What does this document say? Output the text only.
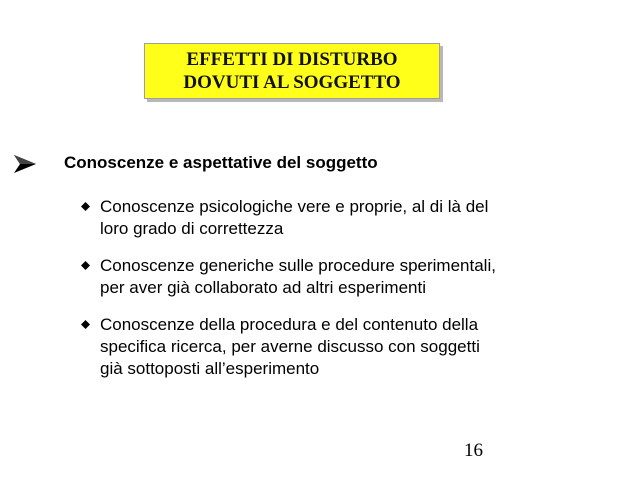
EFFETTI DI DISTURBO
DOVUTI AL SOGGETTO
Conoscenze e aspettative del soggetto
Conoscenze psicologiche vere e proprie, al di là del
loro grado di correttezza
Conoscenze generiche sulle procedure sperimentali,
per aver già collaborato ad altri esperimenti
Conoscenze della procedura e del contenuto della
specifica ricerca, per averne discusso con soggetti
già sottoposti all’esperimento
16
